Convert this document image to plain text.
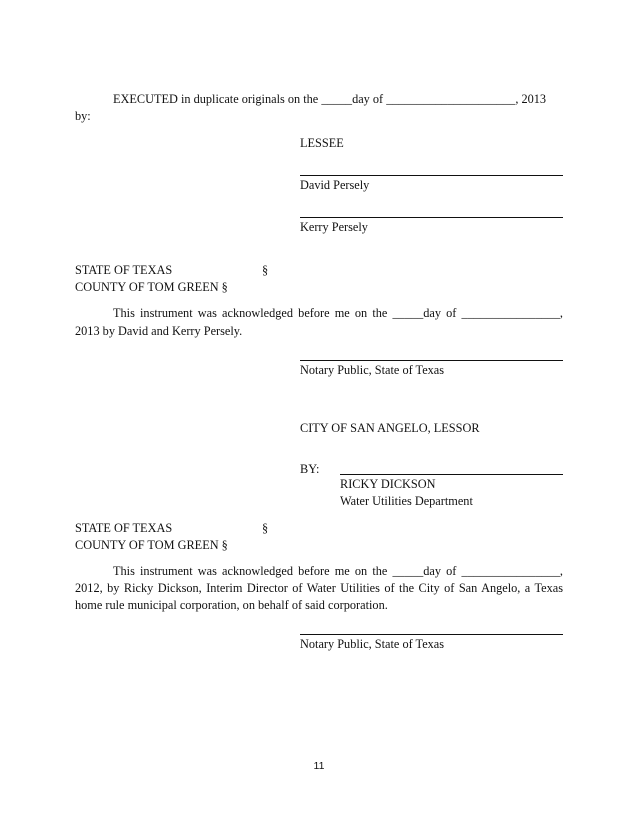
EXECUTED in duplicate originals on the _____day of _____________________, 2013
by:
LESSEE
David Persely
Kerry Persely
STATE OF TEXAS	§
COUNTY OF TOM GREEN §
This instrument was acknowledged before me on the _____day of ________________,
2013 by David and Kerry Persely.
Notary Public, State of Texas
CITY OF SAN ANGELO, LESSOR
BY:
RICKY DICKSON
Water Utilities Department
STATE OF TEXAS	§
COUNTY OF TOM GREEN §
This instrument was acknowledged before me on the _____day of ________________,
2012, by Ricky Dickson, Interim Director of Water Utilities of the City of San Angelo, a Texas
home rule municipal corporation, on behalf of said corporation.
Notary Public, State of Texas
11
